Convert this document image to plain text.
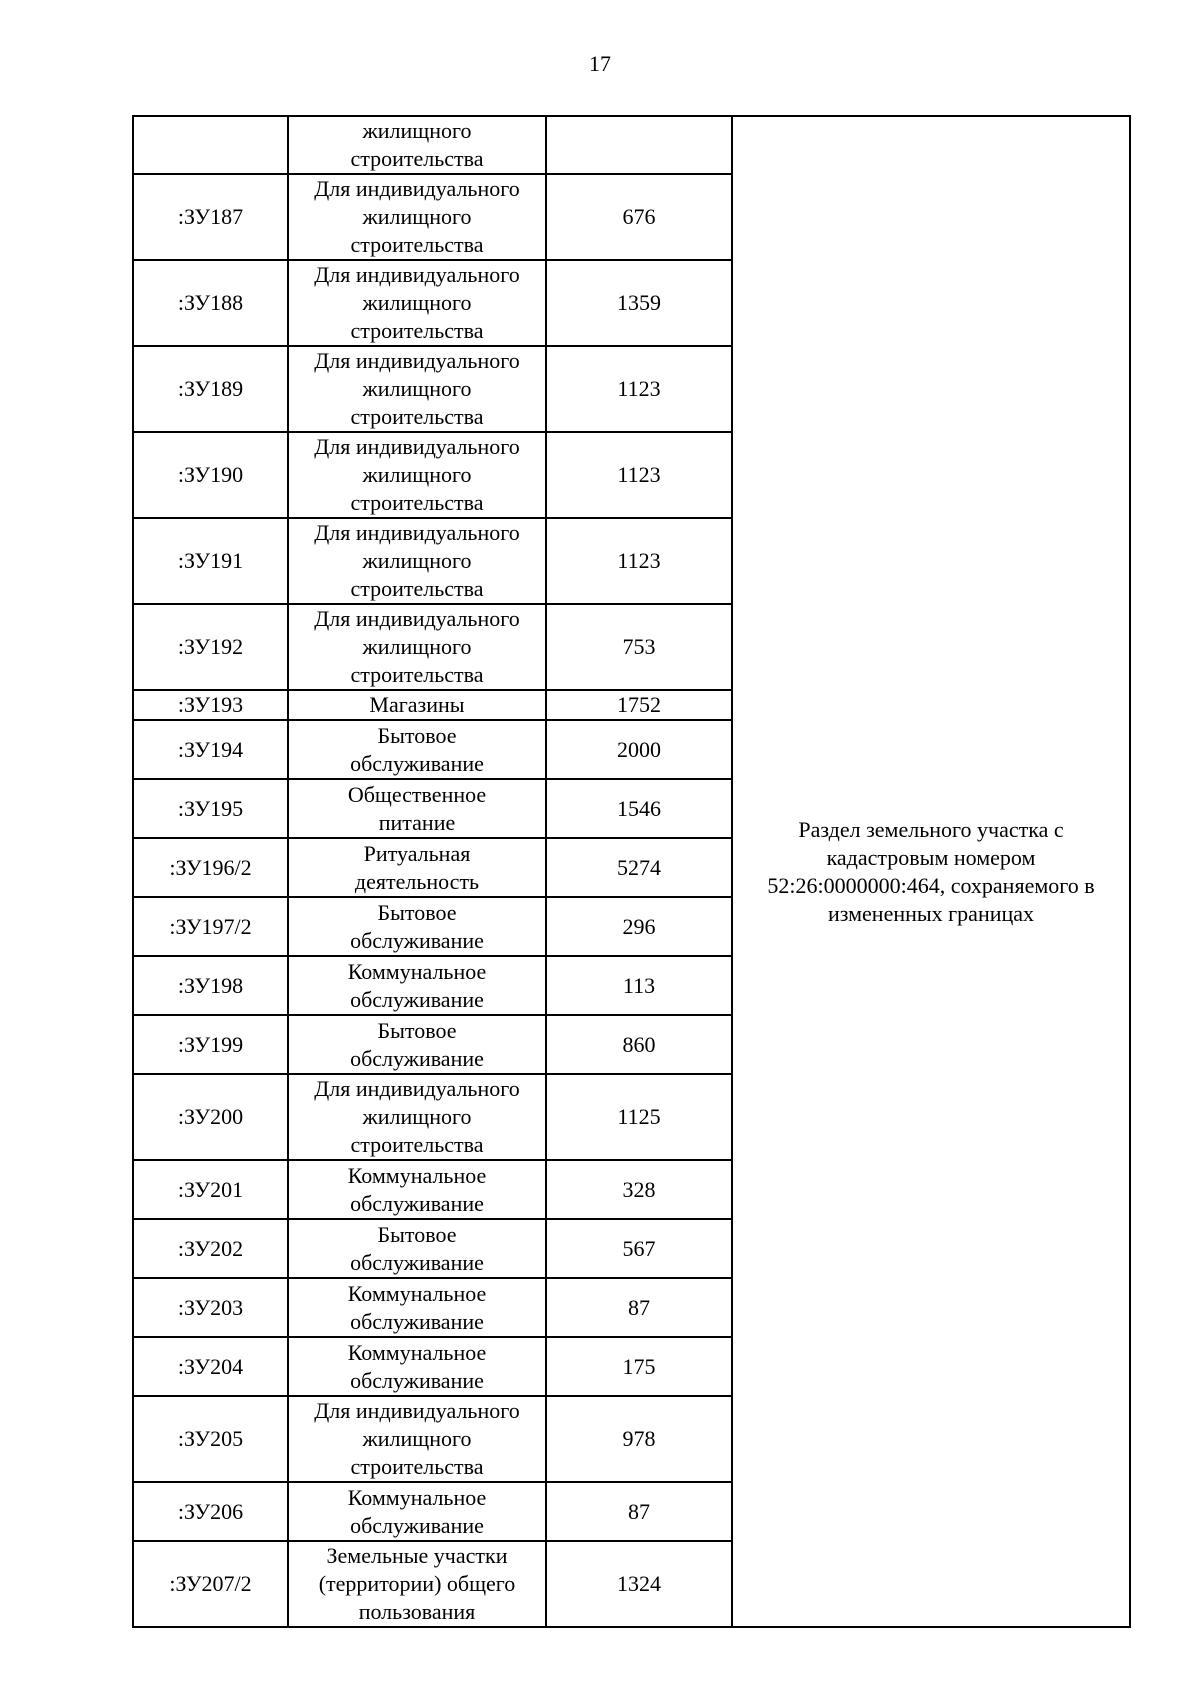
17

	жилищного
строительства		Раздел земельного участка с
кадастровым номером
52:26:0000000:464, сохраняемого в
измененных границах

:ЗУ187	Для индивидуального
жилищного
строительства	676	
:ЗУ188	Для индивидуального
жилищного
строительства	1359	
:ЗУ189	Для индивидуального
жилищного
строительства	1123	
:ЗУ190	Для индивидуального
жилищного
строительства	1123	
:ЗУ191	Для индивидуального
жилищного
строительства	1123	
:ЗУ192	Для индивидуального
жилищного
строительства	753	
:ЗУ193	Магазины	1752	
:ЗУ194	Бытовое
обслуживание	2000	
:ЗУ195	Общественное
питание	1546	
:ЗУ196/2	Ритуальная
деятельность	5274	
:ЗУ197/2	Бытовое
обслуживание	296	
:ЗУ198	Коммунальное
обслуживание	113	
:ЗУ199	Бытовое
обслуживание	860	
:ЗУ200	Для индивидуального
жилищного
строительства	1125	
:ЗУ201	Коммунальное
обслуживание	328	
:ЗУ202	Бытовое
обслуживание	567	
:ЗУ203	Коммунальное
обслуживание	87	
:ЗУ204	Коммунальное
обслуживание	175	
:ЗУ205	Для индивидуального
жилищного
строительства	978	
:ЗУ206	Коммунальное
обслуживание	87	
:ЗУ207/2	Земельные участки
(территории) общего
пользования	1324	
